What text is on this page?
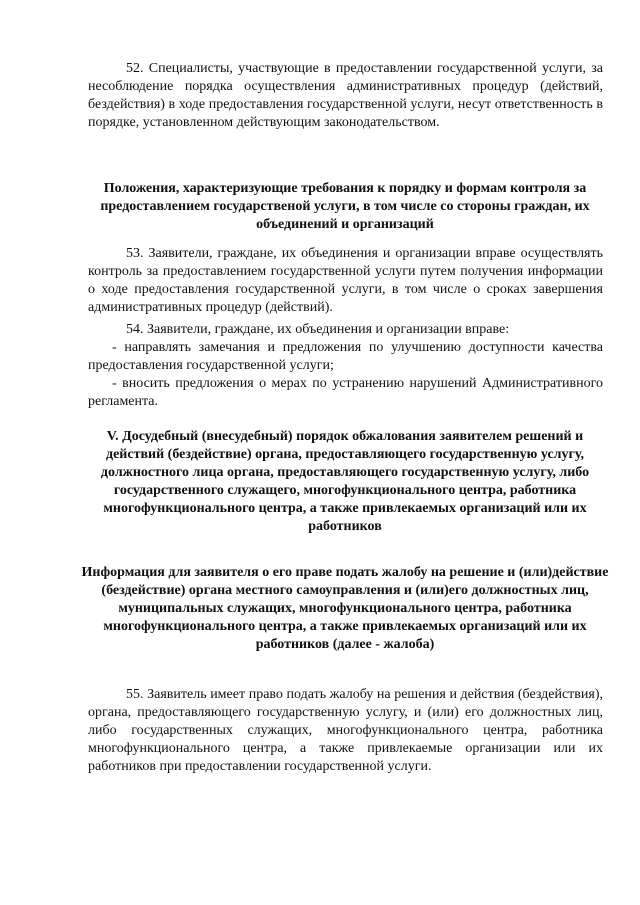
52. Специалисты, участвующие в предоставлении государственной услуги, за несоблюдение порядка осуществления административных процедур (действий, бездействия) в ходе предоставления государственной услуги, несут ответственность в порядке, установленном действующим законодательством.

Положения, характеризующие требования к порядку и формам контроля за предоставлением государственой услуги, в том числе со стороны граждан, их объединений и организаций

53. Заявители, граждане, их объединения и организации вправе осуществлять контроль за предоставлением государственной услуги путем получения информации о ходе предоставления государственной услуги, в том числе о сроках завершения административных процедур (действий).

54. Заявители, граждане, их объединения и организации вправе:

- направлять замечания и предложения по улучшению доступности качества предоставления государственной услуги;

- вносить предложения о мерах по устранению нарушений Административного регламента.

V. Досудебный (внесудебный) порядок обжалования заявителем решений и действий (бездействие) органа, предоставляющего государственную услугу, должностного лица органа, предоставляющего государственную услугу, либо государственного служащего, многофункционального центра, работника многофункционального центра, а также привлекаемых организаций или их работников

Информация для заявителя о его праве подать жалобу на решение и (или)действие (бездействие) органа местного самоуправления и (или)его должностных лиц, муниципальных служащих, многофункционального центра, работника многофункционального центра, а также привлекаемых организаций или их работников (далее - жалоба)

55. Заявитель имеет право подать жалобу на решения и действия (бездействия), органа, предоставляющего государственную услугу, и (или) его должностных лиц, либо государственных служащих, многофункционального центра, работника многофункционального центра, а также привлекаемые организации или их работников при предоставлении государственной услуги.
